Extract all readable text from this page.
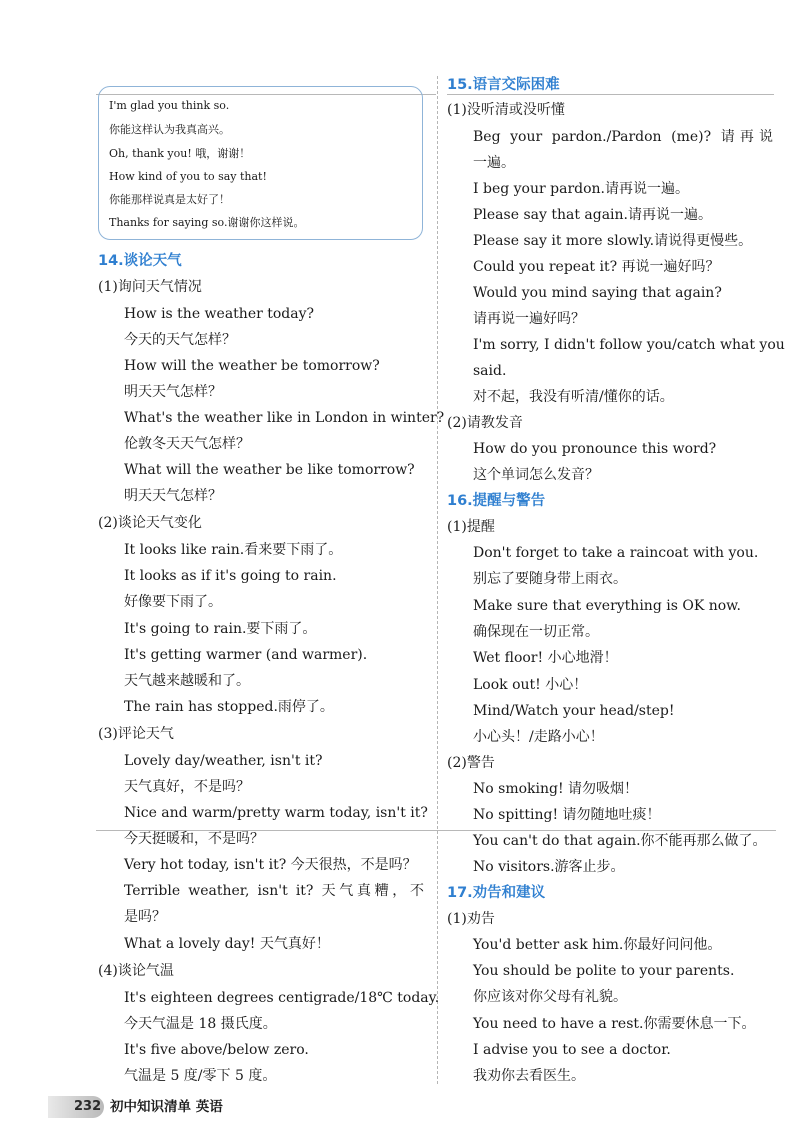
I'm glad you think so.
你能这样认为我真高兴。
Oh, thank you! 哦，谢谢！
How kind of you to say that!
你能那样说真是太好了！
Thanks for saying so.谢谢你这样说。
14.谈论天气
(1)询问天气情况
How is the weather today?
今天的天气怎样？
How will the weather be tomorrow?
明天天气怎样？
What's the weather like in London in winter?
伦敦冬天天气怎样？
What will the weather be like tomorrow?
明天天气怎样？
(2)谈论天气变化
It looks like rain.看来要下雨了。
It looks as if it's going to rain.
好像要下雨了。
It's going to rain.要下雨了。
It's getting warmer (and warmer).
天气越来越暖和了。
The rain has stopped.雨停了。
(3)评论天气
Lovely day/weather, isn't it?
天气真好，不是吗？
Nice and warm/pretty warm today, isn't it?
今天挺暖和，不是吗？
Very hot today, isn't it? 今天很热，不是吗？
Terrible weather, isn't it? 天气真糟，不
是吗？
What a lovely day! 天气真好！
(4)谈论气温
It's eighteen degrees centigrade/18℃ today.
今天气温是 18 摄氏度。
It's five above/below zero.
气温是 5 度/零下 5 度。
15.语言交际困难
(1)没听清或没听懂
Beg your pardon./Pardon (me)? 请再说
一遍。
I beg your pardon.请再说一遍。
Please say that again.请再说一遍。
Please say it more slowly.请说得更慢些。
Could you repeat it? 再说一遍好吗？
Would you mind saying that again?
请再说一遍好吗？
I'm sorry, I didn't follow you/catch what you
said.
对不起，我没有听清/懂你的话。
(2)请教发音
How do you pronounce this word?
这个单词怎么发音？
16.提醒与警告
(1)提醒
Don't forget to take a raincoat with you.
别忘了要随身带上雨衣。
Make sure that everything is OK now.
确保现在一切正常。
Wet floor! 小心地滑！
Look out! 小心！
Mind/Watch your head/step!
小心头！/走路小心！
(2)警告
No smoking! 请勿吸烟！
No spitting! 请勿随地吐痰！
You can't do that again.你不能再那么做了。
No visitors.游客止步。
17.劝告和建议
(1)劝告
You'd better ask him.你最好问问他。
You should be polite to your parents.
你应该对你父母有礼貌。
You need to have a rest.你需要休息一下。
I advise you to see a doctor.
我劝你去看医生。
232 初中知识清单 英语
